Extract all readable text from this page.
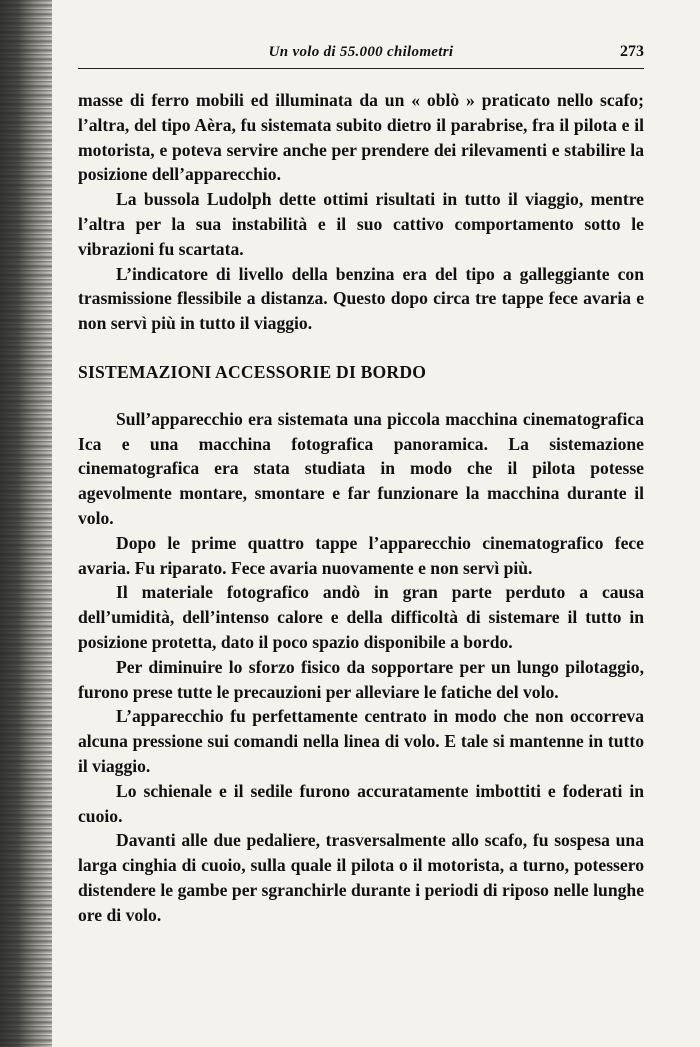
Un volo di 55.000 chilometri	273

masse di ferro mobili ed illuminata da un « oblò » praticato nello scafo; l’altra, del tipo Aèra, fu sistemata subito dietro il parabrise, fra il pilota e il motorista, e poteva servire anche per prendere dei rilevamenti e stabilire la posizione dell’apparecchio.

La bussola Ludolph dette ottimi risultati in tutto il viaggio, mentre l’altra per la sua instabilità e il suo cattivo comportamento sotto le vibrazioni fu scartata.

L’indicatore di livello della benzina era del tipo a galleggiante con trasmissione flessibile a distanza. Questo dopo circa tre tappe fece avaria e non servì più in tutto il viaggio.

SISTEMAZIONI ACCESSORIE DI BORDO

Sull’apparecchio era sistemata una piccola macchina cinematografica Ica e una macchina fotografica panoramica. La sistemazione cinematografica era stata studiata in modo che il pilota potesse agevolmente montare, smontare e far funzionare la macchina durante il volo.

Dopo le prime quattro tappe l’apparecchio cinematografico fece avaria. Fu riparato. Fece avaria nuovamente e non servì più.

Il materiale fotografico andò in gran parte perduto a causa dell’umidità, dell’intenso calore e della difficoltà di sistemare il tutto in posizione protetta, dato il poco spazio disponibile a bordo.

Per diminuire lo sforzo fisico da sopportare per un lungo pilotaggio, furono prese tutte le precauzioni per alleviare le fatiche del volo.

L’apparecchio fu perfettamente centrato in modo che non occorreva alcuna pressione sui comandi nella linea di volo. E tale si mantenne in tutto il viaggio.

Lo schienale e il sedile furono accuratamente imbottiti e foderati in cuoio.

Davanti alle due pedaliere, trasversalmente allo scafo, fu sospesa una larga cinghia di cuoio, sulla quale il pilota o il motorista, a turno, potessero distendere le gambe per sgranchirle durante i periodi di riposo nelle lunghe ore di volo.
